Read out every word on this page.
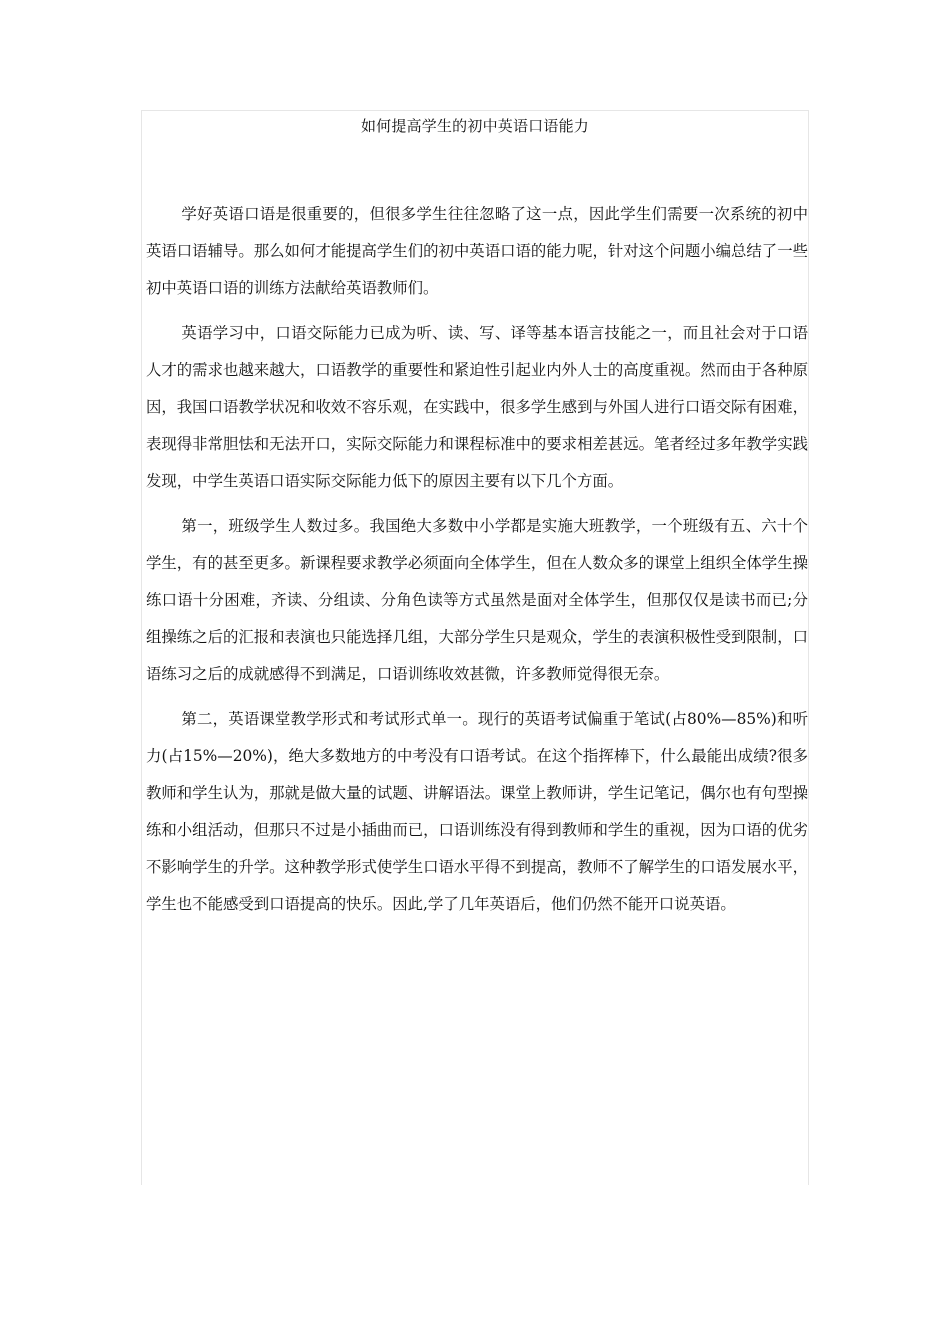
如何提高学生的初中英语口语能力

学好英语口语是很重要的，但很多学生往往忽略了这一点，因此学生们需要一次系统的初中英语口语辅导。那么如何才能提高学生们的初中英语口语的能力呢，针对这个问题小编总结了一些初中英语口语的训练方法献给英语教师们。

英语学习中，口语交际能力已成为听、读、写、译等基本语言技能之一，而且社会对于口语人才的需求也越来越大，口语教学的重要性和紧迫性引起业内外人士的高度重视。然而由于各种原因，我国口语教学状况和收效不容乐观，在实践中，很多学生感到与外国人进行口语交际有困难，表现得非常胆怯和无法开口，实际交际能力和课程标准中的要求相差甚远。笔者经过多年教学实践发现，中学生英语口语实际交际能力低下的原因主要有以下几个方面。

第一，班级学生人数过多。我国绝大多数中小学都是实施大班教学，一个班级有五、六十个学生，有的甚至更多。新课程要求教学必须面向全体学生，但在人数众多的课堂上组织全体学生操练口语十分困难，齐读、分组读、分角色读等方式虽然是面对全体学生，但那仅仅是读书而已;分组操练之后的汇报和表演也只能选择几组，大部分学生只是观众，学生的表演积极性受到限制，口语练习之后的成就感得不到满足，口语训练收效甚微，许多教师觉得很无奈。

第二，英语课堂教学形式和考试形式单一。现行的英语考试偏重于笔试(占80%—85%)和听力(占15%—20%)，绝大多数地方的中考没有口语考试。在这个指挥棒下，什么最能出成绩?很多教师和学生认为，那就是做大量的试题、讲解语法。课堂上教师讲，学生记笔记，偶尔也有句型操练和小组活动，但那只不过是小插曲而已，口语训练没有得到教师和学生的重视，因为口语的优劣不影响学生的升学。这种教学形式使学生口语水平得不到提高，教师不了解学生的口语发展水平，学生也不能感受到口语提高的快乐。因此,学了几年英语后，他们仍然不能开口说英语。
